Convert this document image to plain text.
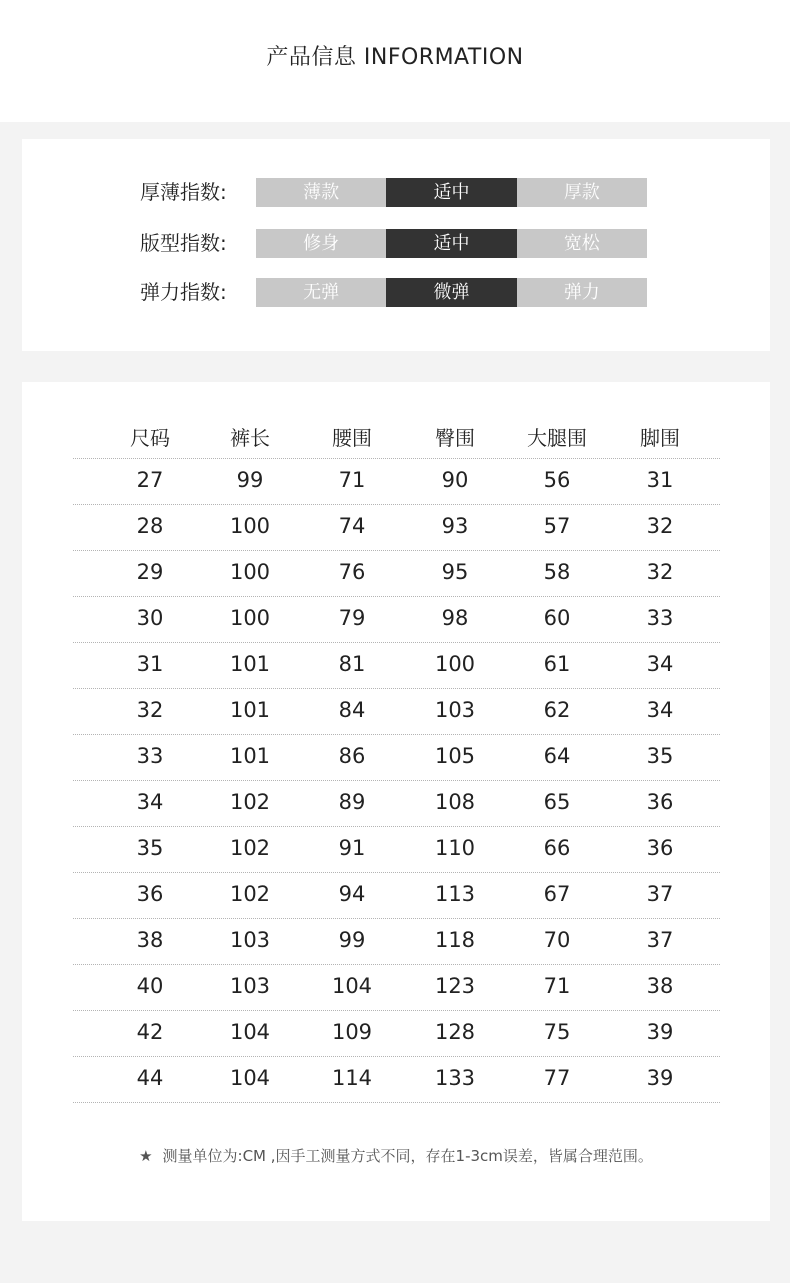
产品信息 INFORMATION
厚薄指数:	薄款	适中	厚款
版型指数:	修身	适中	宽松
弹力指数:	无弹	微弹	弹力
尺码	裤长	腰围	臀围	大腿围	脚围
27	99	71	90	56	31
28	100	74	93	57	32
29	100	76	95	58	32
30	100	79	98	60	33
31	101	81	100	61	34
32	101	84	103	62	34
33	101	86	105	64	35
34	102	89	108	65	36
35	102	91	110	66	36
36	102	94	113	67	37
38	103	99	118	70	37
40	103	104	123	71	38
42	104	109	128	75	39
44	104	114	133	77	39
★ 测量单位为:CM ,因手工测量方式不同，存在1-3cm误差，皆属合理范围。
